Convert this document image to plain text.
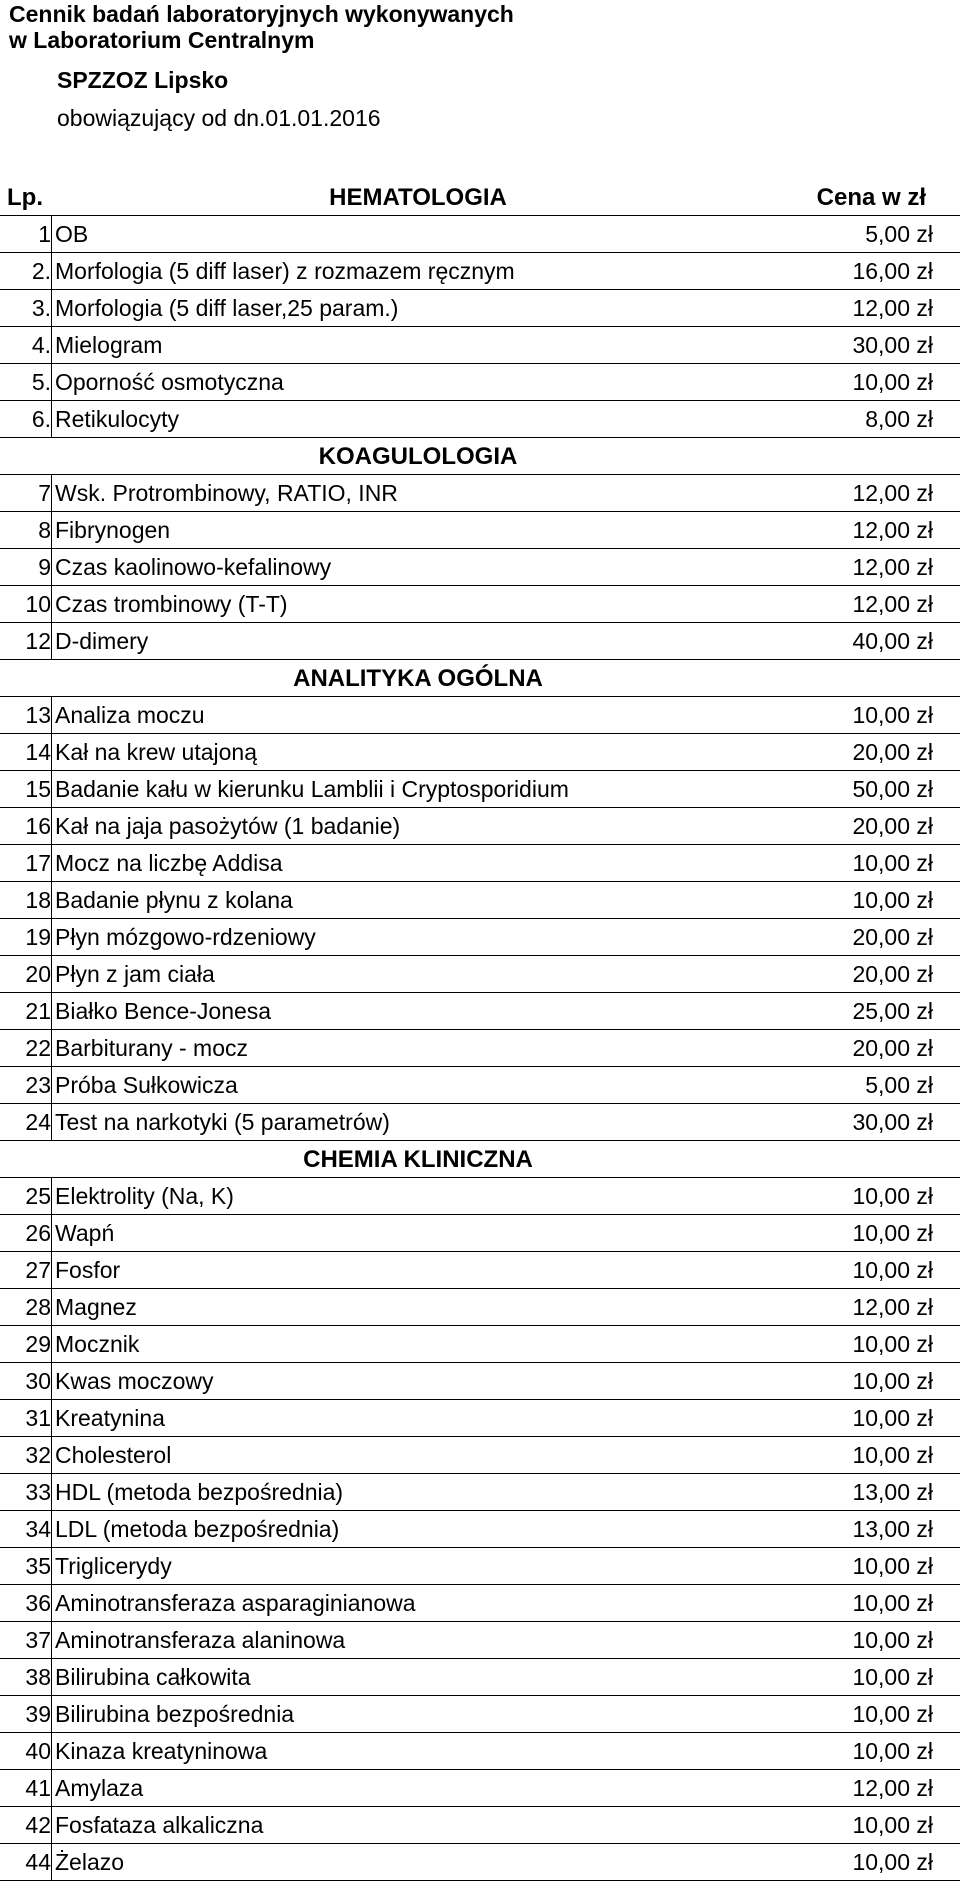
Cennik badań laboratoryjnych wykonywanych
w Laboratorium Centralnym
SPZZOZ Lipsko
obowiązujący od dn.01.01.2016
Lp.	HEMATOLOGIA	Cena w zł
1 OB	5,00 zł
2. Morfologia (5 diff laser) z rozmazem ręcznym	16,00 zł
3. Morfologia (5 diff laser,25 param.)	12,00 zł
4. Mielogram	30,00 zł
5. Oporność osmotyczna	10,00 zł
6. Retikulocyty	8,00 zł
KOAGULOLOGIA
7 Wsk. Protrombinowy, RATIO, INR	12,00 zł
8 Fibrynogen	12,00 zł
9 Czas kaolinowo-kefalinowy	12,00 zł
10 Czas trombinowy (T-T)	12,00 zł
12 D-dimery	40,00 zł
ANALITYKA OGÓLNA
13 Analiza moczu	10,00 zł
14 Kał na krew utajoną	20,00 zł
15 Badanie kału w kierunku Lamblii i Cryptosporidium	50,00 zł
16 Kał na jaja pasożytów (1 badanie)	20,00 zł
17 Mocz na liczbę Addisa	10,00 zł
18 Badanie płynu z kolana	10,00 zł
19 Płyn mózgowo-rdzeniowy	20,00 zł
20 Płyn z jam ciała	20,00 zł
21 Białko Bence-Jonesa	25,00 zł
22 Barbiturany - mocz	20,00 zł
23 Próba Sułkowicza	5,00 zł
24 Test na narkotyki (5 parametrów)	30,00 zł
CHEMIA KLINICZNA
25 Elektrolity (Na, K)	10,00 zł
26 Wapń	10,00 zł
27 Fosfor	10,00 zł
28 Magnez	12,00 zł
29 Mocznik	10,00 zł
30 Kwas moczowy	10,00 zł
31 Kreatynina	10,00 zł
32 Cholesterol	10,00 zł
33 HDL (metoda bezpośrednia)	13,00 zł
34 LDL (metoda bezpośrednia)	13,00 zł
35 Triglicerydy	10,00 zł
36 Aminotransferaza asparaginianowa	10,00 zł
37 Aminotransferaza alaninowa	10,00 zł
38 Bilirubina całkowita	10,00 zł
39 Bilirubina bezpośrednia	10,00 zł
40 Kinaza kreatyninowa	10,00 zł
41 Amylaza	12,00 zł
42 Fosfataza alkaliczna	10,00 zł
44 Żelazo	10,00 zł
